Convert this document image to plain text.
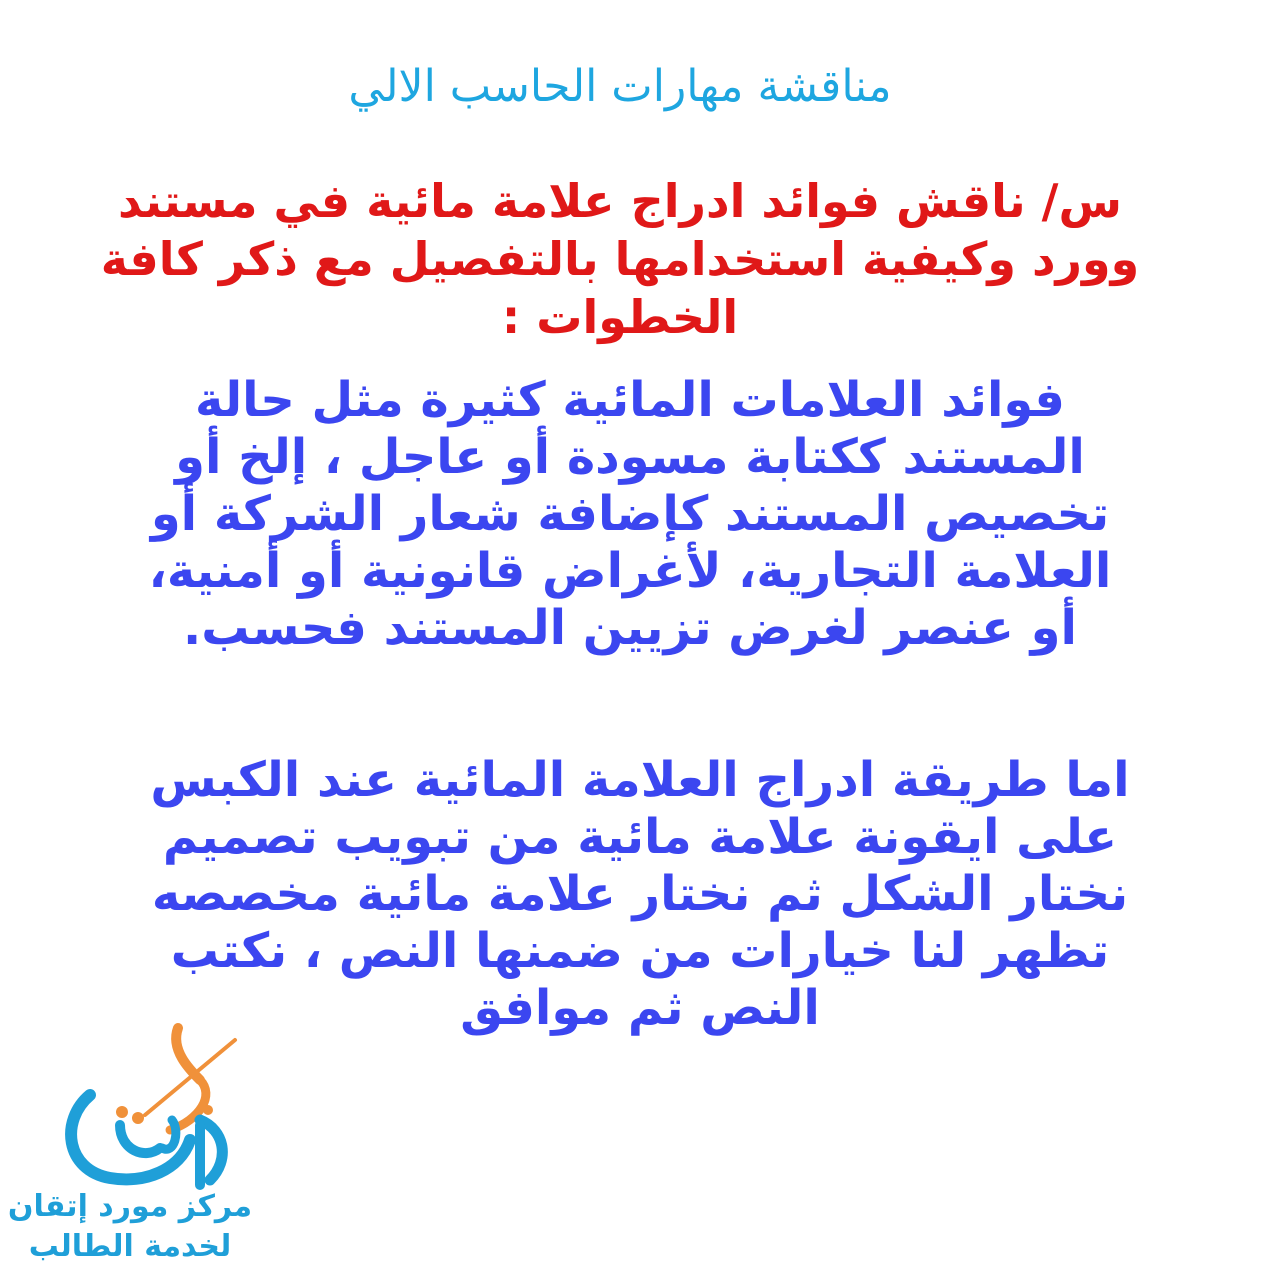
مناقشة مهارات الحاسب الالي

س/ ناقش فوائد ادراج علامة مائية في مستند وورد وكيفية استخدامها بالتفصيل مع ذكر كافة الخطوات :

فوائد العلامات المائية كثيرة مثل حالة المستند ككتابة مسودة أو عاجل ، إلخ أو تخصيص المستند كإضافة شعار الشركة أو العلامة التجارية، لأغراض قانونية أو أمنية، أو عنصر لغرض تزيين المستند فحسب.

اما طريقة ادراج العلامة المائية عند الكبس على ايقونة علامة مائية من تبويب تصميم نختار الشكل ثم نختار علامة مائية مخصصه تظهر لنا خيارات من ضمنها النص ، نكتب النص ثم موافق

مركز مورد إتقان
لخدمة الطالب
